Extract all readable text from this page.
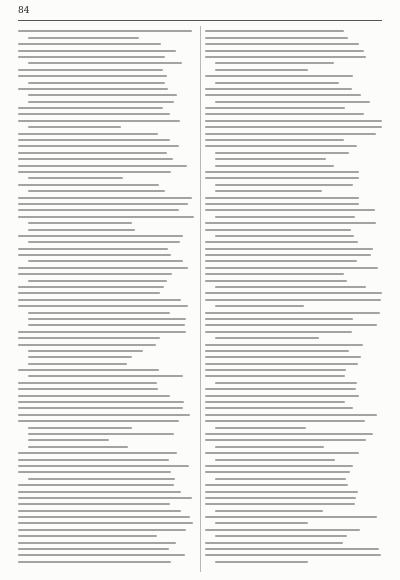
84
